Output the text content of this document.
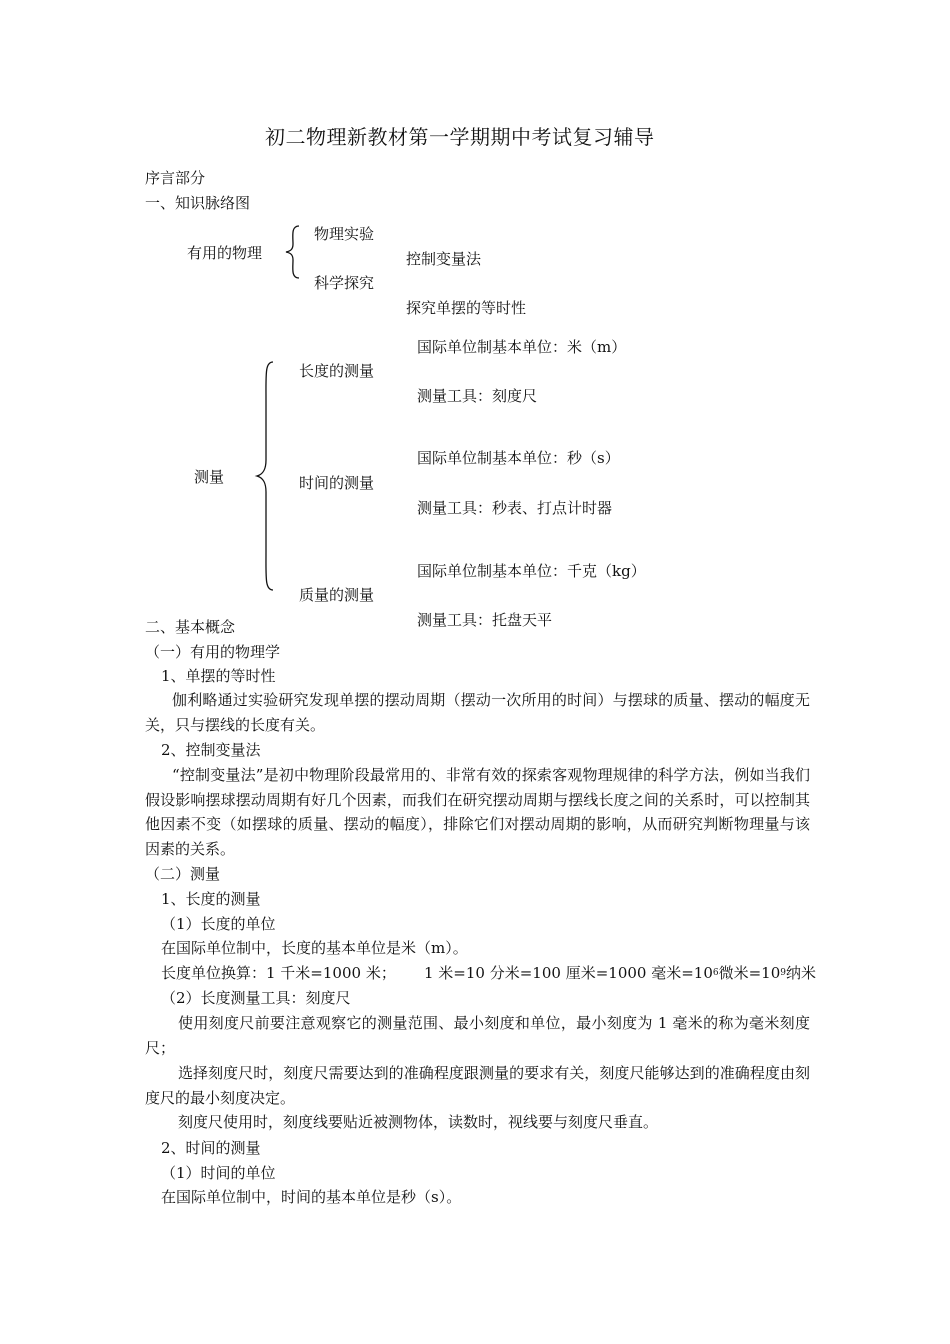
初二物理新教材第一学期期中考试复习辅导
序言部分
一、知识脉络图
有用的物理
物理实验
科学探究
控制变量法
探究单摆的等时性
测量
长度的测量
时间的测量
质量的测量
国际单位制基本单位：米（m）
测量工具：刻度尺
国际单位制基本单位：秒（s）
测量工具：秒表、打点计时器
国际单位制基本单位：千克（kg）
测量工具：托盘天平
二、基本概念
（一）有用的物理学
1、单摆的等时性
伽利略通过实验研究发现单摆的摆动周期（摆动一次所用的时间）与摆球的质量、摆动的幅度无关，只与摆线的长度有关。
2、控制变量法
“控制变量法”是初中物理阶段最常用的、非常有效的探索客观物理规律的科学方法，例如当我们假设影响摆球摆动周期有好几个因素，而我们在研究摆动周期与摆线长度之间的关系时，可以控制其他因素不变（如摆球的质量、摆动的幅度），排除它们对摆动周期的影响，从而研究判断物理量与该因素的关系。
（二）测量
1、长度的测量
（1）长度的单位
在国际单位制中，长度的基本单位是米（m）。
长度单位换算：1 千米=1000 米； 1 米=10 分米=100 厘米=1000 毫米$=10^6$微米$=10^9$纳米
（2）长度测量工具：刻度尺
使用刻度尺前要注意观察它的测量范围、最小刻度和单位，最小刻度为 1 毫米的称为毫米刻度尺；
选择刻度尺时，刻度尺需要达到的准确程度跟测量的要求有关，刻度尺能够达到的准确程度由刻度尺的最小刻度决定。
刻度尺使用时，刻度线要贴近被测物体，读数时，视线要与刻度尺垂直。
2、时间的测量
（1）时间的单位
在国际单位制中，时间的基本单位是秒（s）。
